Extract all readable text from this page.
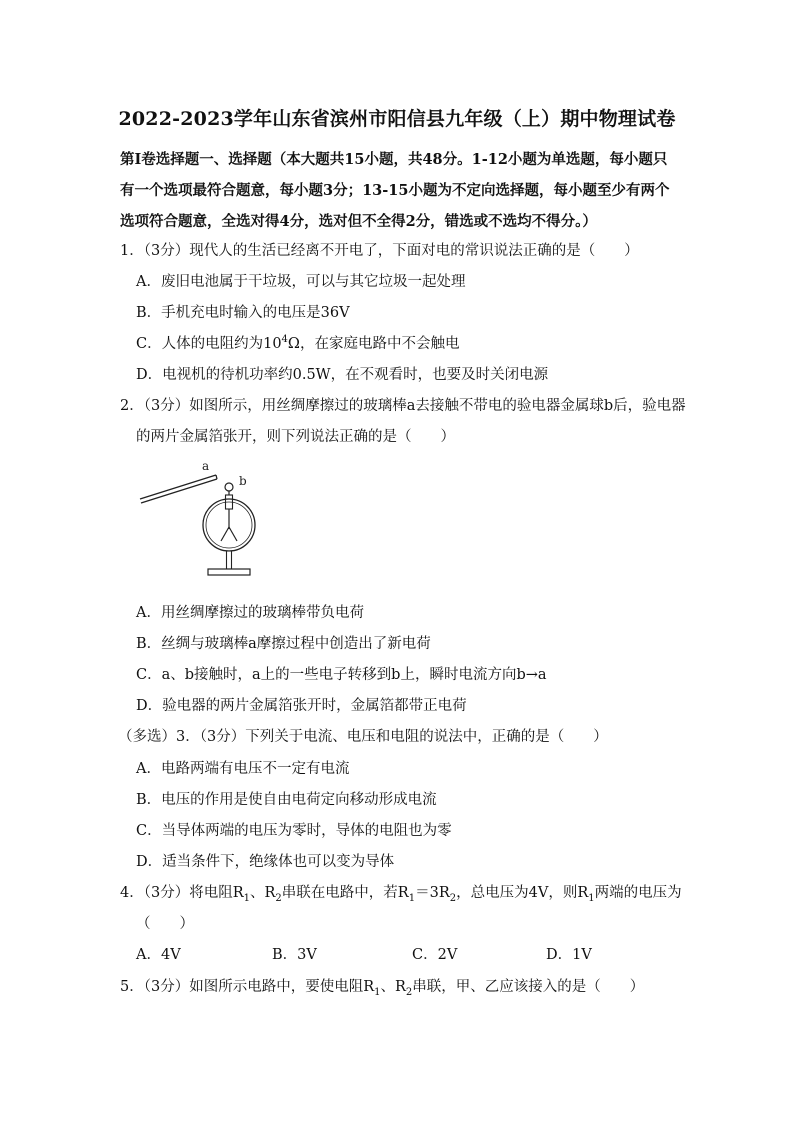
2022-2023学年山东省滨州市阳信县九年级（上）期中物理试卷
第Ⅰ卷选择题一、选择题（本大题共15小题，共48分。1-12小题为单选题，每小题只有一个选项最符合题意，每小题3分；13-15小题为不定向选择题，每小题至少有两个选项符合题意，全选对得4分，选对但不全得2分，错选或不选均不得分。）
1．（3分）现代人的生活已经离不开电了，下面对电的常识说法正确的是（　　）
A．废旧电池属于干垃圾，可以与其它垃圾一起处理
B．手机充电时输入的电压是36V
C．人体的电阻约为$10^4\Omega$，在家庭电路中不会触电
D．电视机的待机功率约0.5W，在不观看时，也要及时关闭电源
2．（3分）如图所示，用丝绸摩擦过的玻璃棒a去接触不带电的验电器金属球b后，验电器
的两片金属箔张开，则下列说法正确的是（　　）
a
b
A．用丝绸摩擦过的玻璃棒带负电荷
B．丝绸与玻璃棒a摩擦过程中创造出了新电荷
C．a、b接触时，a上的一些电子转移到b上，瞬时电流方向b→a
D．验电器的两片金属箔张开时，金属箔都带正电荷
（多选）3．（3分）下列关于电流、电压和电阻的说法中，正确的是（　　）
A．电路两端有电压不一定有电流
B．电压的作用是使自由电荷定向移动形成电流
C．当导体两端的电压为零时，导体的电阻也为零
D．适当条件下，绝缘体也可以变为导体
4．（3分）将电阻$R_1$、$R_2$串联在电路中，若$R_1=3R_2$，总电压为4V，则$R_1$两端的电压为
（　　）
A．4V	B．3V	C．2V	D．1V
5．（3分）如图所示电路中，要使电阻$R_1$、$R_2$串联，甲、乙应该接入的是（　　）
